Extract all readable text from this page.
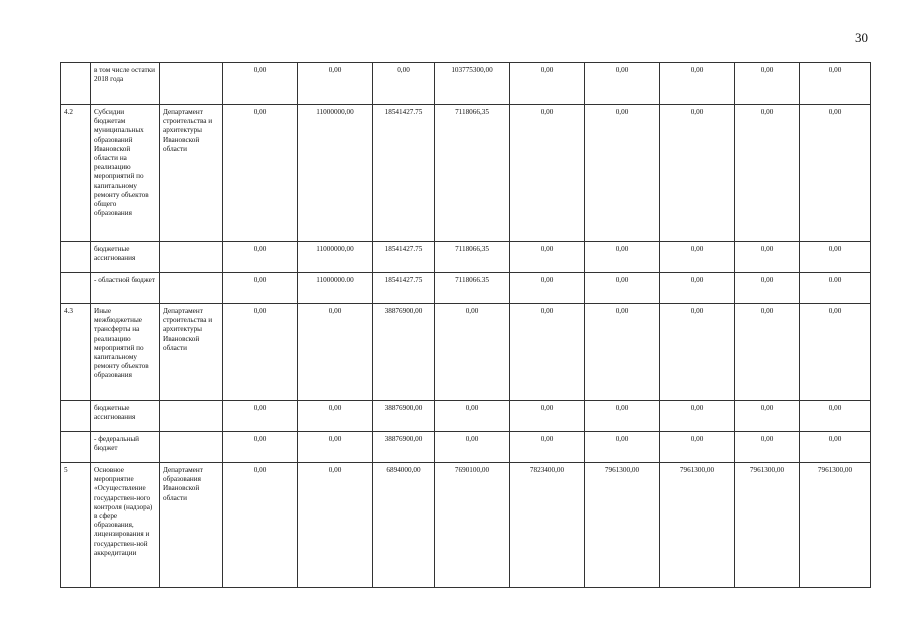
30
	в том числе остатки 2018 года		0,00	0,00	0,00	103775300,00	0,00	0,00	0,00	0,00	0,00
4.2	Субсидии бюджетам муниципальных образований Ивановской области на реализацию мероприятий по капитальному ремонту объектов общего образования	Департамент строительства и архитектуры Ивановской области	0,00	11000000,00	18541427.75	7118066,35	0,00	0,00	0,00	0,00	0,00
	бюджетные ассигнования		0,00	11000000,00	18541427.75	7118066,35	0,00	0,00	0,00	0,00	0,00
	- областной бюджет		0,00	11000000.00	18541427.75	7118066.35	0,00	0,00	0,00	0,00	0.00
4.3	Иные межбюджетные трансферты на реализацию мероприятий по капитальному ремонту объектов образования	Департамент строительства и архитектуры Ивановской области	0,00	0,00	38876900,00	0,00	0,00	0,00	0,00	0,00	0,00
	бюджетные ассигнования		0,00	0,00	38876900,00	0,00	0,00	0,00	0,00	0,00	0,00
	- федеральный бюджет		0,00	0,00	38876900,00	0,00	0,00	0,00	0,00	0,00	0,00
5	Основное мероприятие «Осуществление государствен-ного контроля (надзора) в сфере образования, лицензирования и государствен-ной аккредитации	Департамент образования Ивановской области	0,00	0,00	6894000,00	7690100,00	7823400,00	7961300,00	7961300,00	7961300,00	7961300,00
